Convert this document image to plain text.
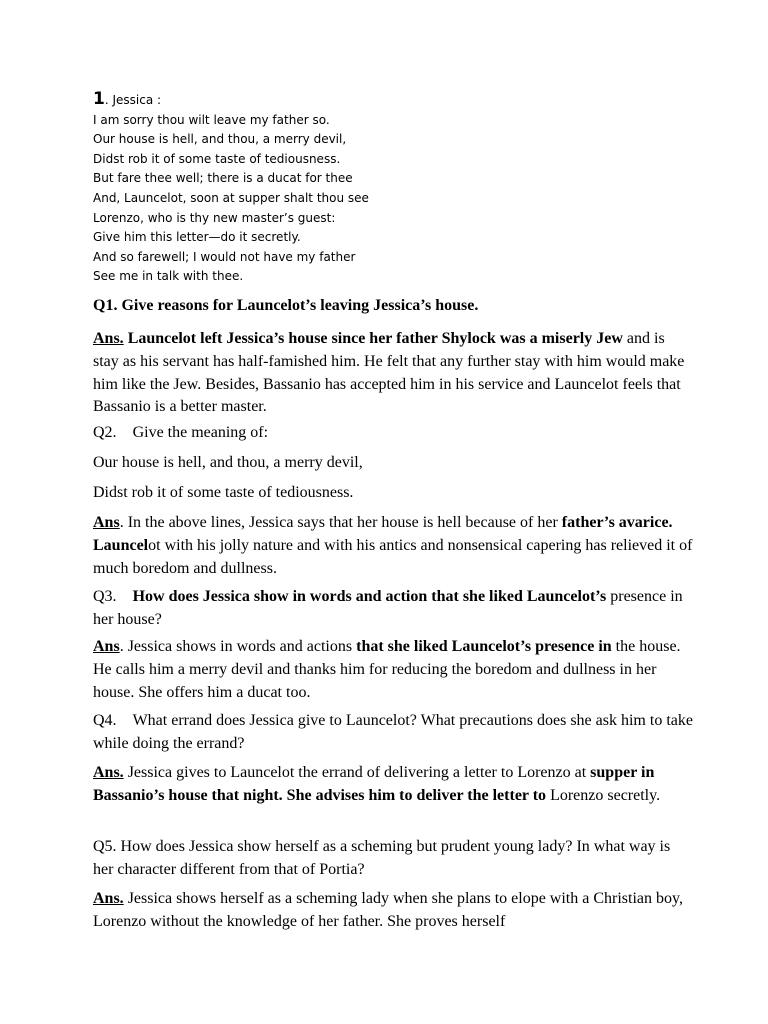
1. Jessica :

I am sorry thou wilt leave my father so.

Our house is hell, and thou, a merry devil,

Didst rob it of some taste of tediousness.

But fare thee well; there is a ducat for thee

And, Launcelot, soon at supper shalt thou see

Lorenzo, who is thy new master’s guest:

Give him this letter—do it secretly.

And so farewell; I would not have my father

See me in talk with thee.

Q1. Give reasons for Launcelot’s leaving Jessica’s house.

Ans. Launcelot left Jessica’s house since her father Shylock was a miserly Jew and is stay as his servant has half-famished him. He felt that any further stay with him would make him like the Jew. Besides, Bassanio has accepted him in his service and Launcelot feels that Bassanio is a better master.

Q2. Give the meaning of:

Our house is hell, and thou, a merry devil,

Didst rob it of some taste of tediousness.

Ans. In the above lines, Jessica says that her house is hell because of her father’s avarice. Launcelot with his jolly nature and with his antics and nonsensical capering has relieved it of much boredom and dullness.

Q3. How does Jessica show in words and action that she liked Launcelot’s presence in her house?

Ans. Jessica shows in words and actions that she liked Launcelot’s presence in the house. He calls him a merry devil and thanks him for reducing the boredom and dullness in her house. She offers him a ducat too.

Q4. What errand does Jessica give to Launcelot? What precautions does she ask him to take while doing the errand?

Ans. Jessica gives to Launcelot the errand of delivering a letter to Lorenzo at supper in Bassanio’s house that night. She advises him to deliver the letter to Lorenzo secretly.

Q5. How does Jessica show herself as a scheming but prudent young lady? In what way is her character different from that of Portia?

Ans. Jessica shows herself as a scheming lady when she plans to elope with a Christian boy, Lorenzo without the knowledge of her father. She proves herself
